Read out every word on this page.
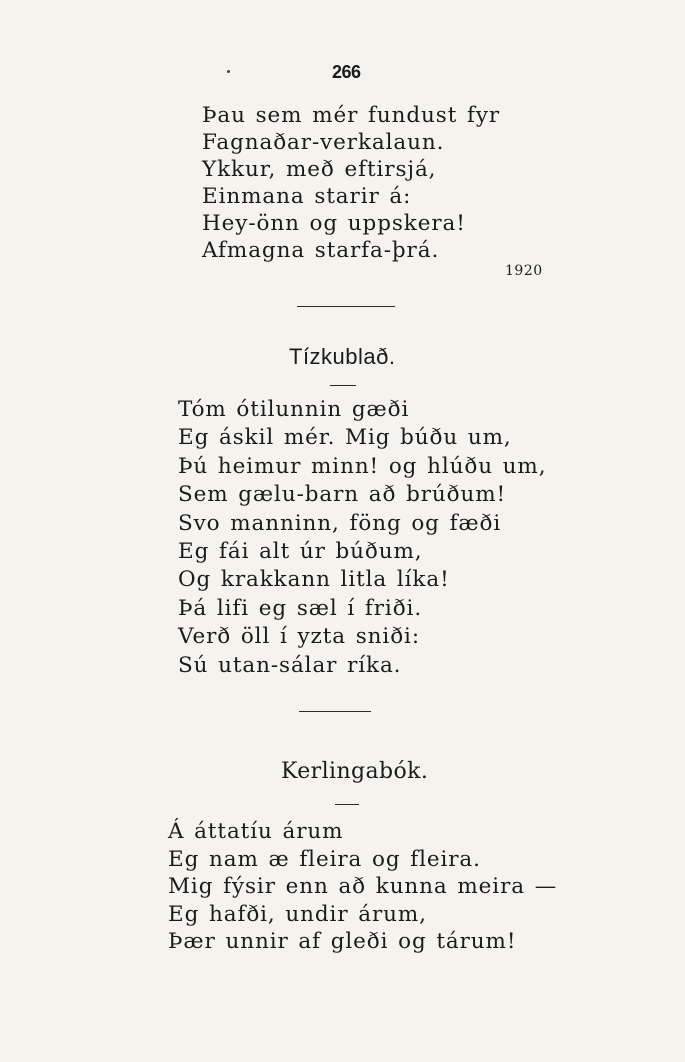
266
Þau sem mér fundust fyr
Fagnaðar-verkalaun.
Ykkur, með eftirsjá,
Einmana starir á:
Hey-önn og uppskera!
Afmagna starfa-þrá.
1920
Tízkublað.
Tóm ótilunnin gæði
Eg áskil mér. Mig búðu um,
Þú heimur minn! og hlúðu um,
Sem gælu-barn að brúðum!
Svo manninn, föng og fæði
Eg fái alt úr búðum,
Og krakkann litla líka!
Þá lifi eg sæl í friði.
Verð öll í yzta sniði:
Sú utan-sálar ríka.
Kerlingabók.
Á áttatíu árum
Eg nam æ fleira og fleira.
Mig fýsir enn að kunna meira —
Eg hafði, undir árum,
Þær unnir af gleði og tárum!
